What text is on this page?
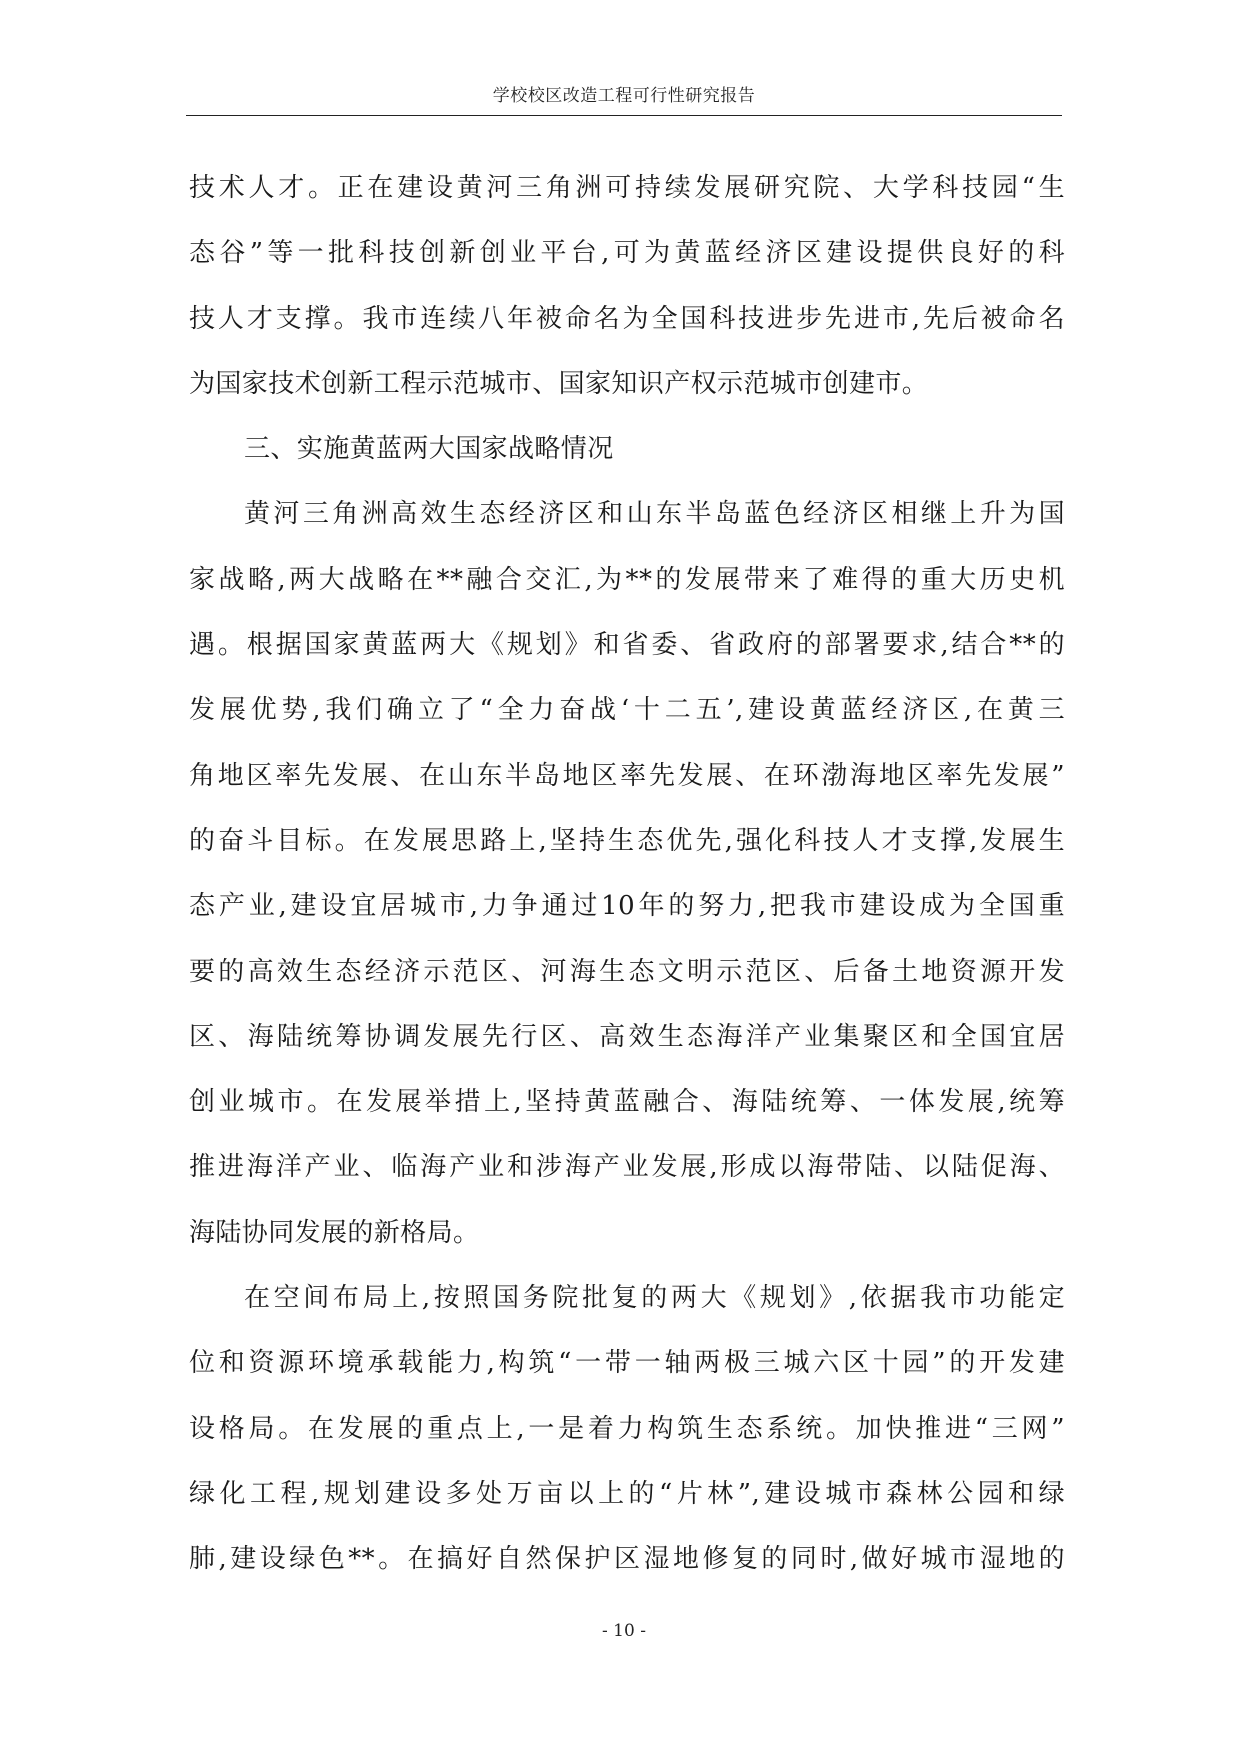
学校校区改造工程可行性研究报告
技术人才。正在建设黄河三角洲可持续发展研究院、大学科技园“生
态谷”等一批科技创新创业平台,可为黄蓝经济区建设提供良好的科
技人才支撑。我市连续八年被命名为全国科技进步先进市,先后被命名
为国家技术创新工程示范城市、国家知识产权示范城市创建市。
三、实施黄蓝两大国家战略情况
黄河三角洲高效生态经济区和山东半岛蓝色经济区相继上升为国
家战略,两大战略在**融合交汇,为**的发展带来了难得的重大历史机
遇。根据国家黄蓝两大《规划》和省委、省政府的部署要求,结合**的
发展优势,我们确立了“全力奋战‘十二五’,建设黄蓝经济区,在黄三
角地区率先发展、在山东半岛地区率先发展、在环渤海地区率先发展”
的奋斗目标。在发展思路上,坚持生态优先,强化科技人才支撑,发展生
态产业,建设宜居城市,力争通过10年的努力,把我市建设成为全国重
要的高效生态经济示范区、河海生态文明示范区、后备土地资源开发
区、海陆统筹协调发展先行区、高效生态海洋产业集聚区和全国宜居
创业城市。在发展举措上,坚持黄蓝融合、海陆统筹、一体发展,统筹
推进海洋产业、临海产业和涉海产业发展,形成以海带陆、以陆促海、
海陆协同发展的新格局。
在空间布局上,按照国务院批复的两大《规划》,依据我市功能定
位和资源环境承载能力,构筑“一带一轴两极三城六区十园”的开发建
设格局。在发展的重点上,一是着力构筑生态系统。加快推进“三网”
绿化工程,规划建设多处万亩以上的“片林”,建设城市森林公园和绿
肺,建设绿色**。在搞好自然保护区湿地修复的同时,做好城市湿地的
- 10 -
